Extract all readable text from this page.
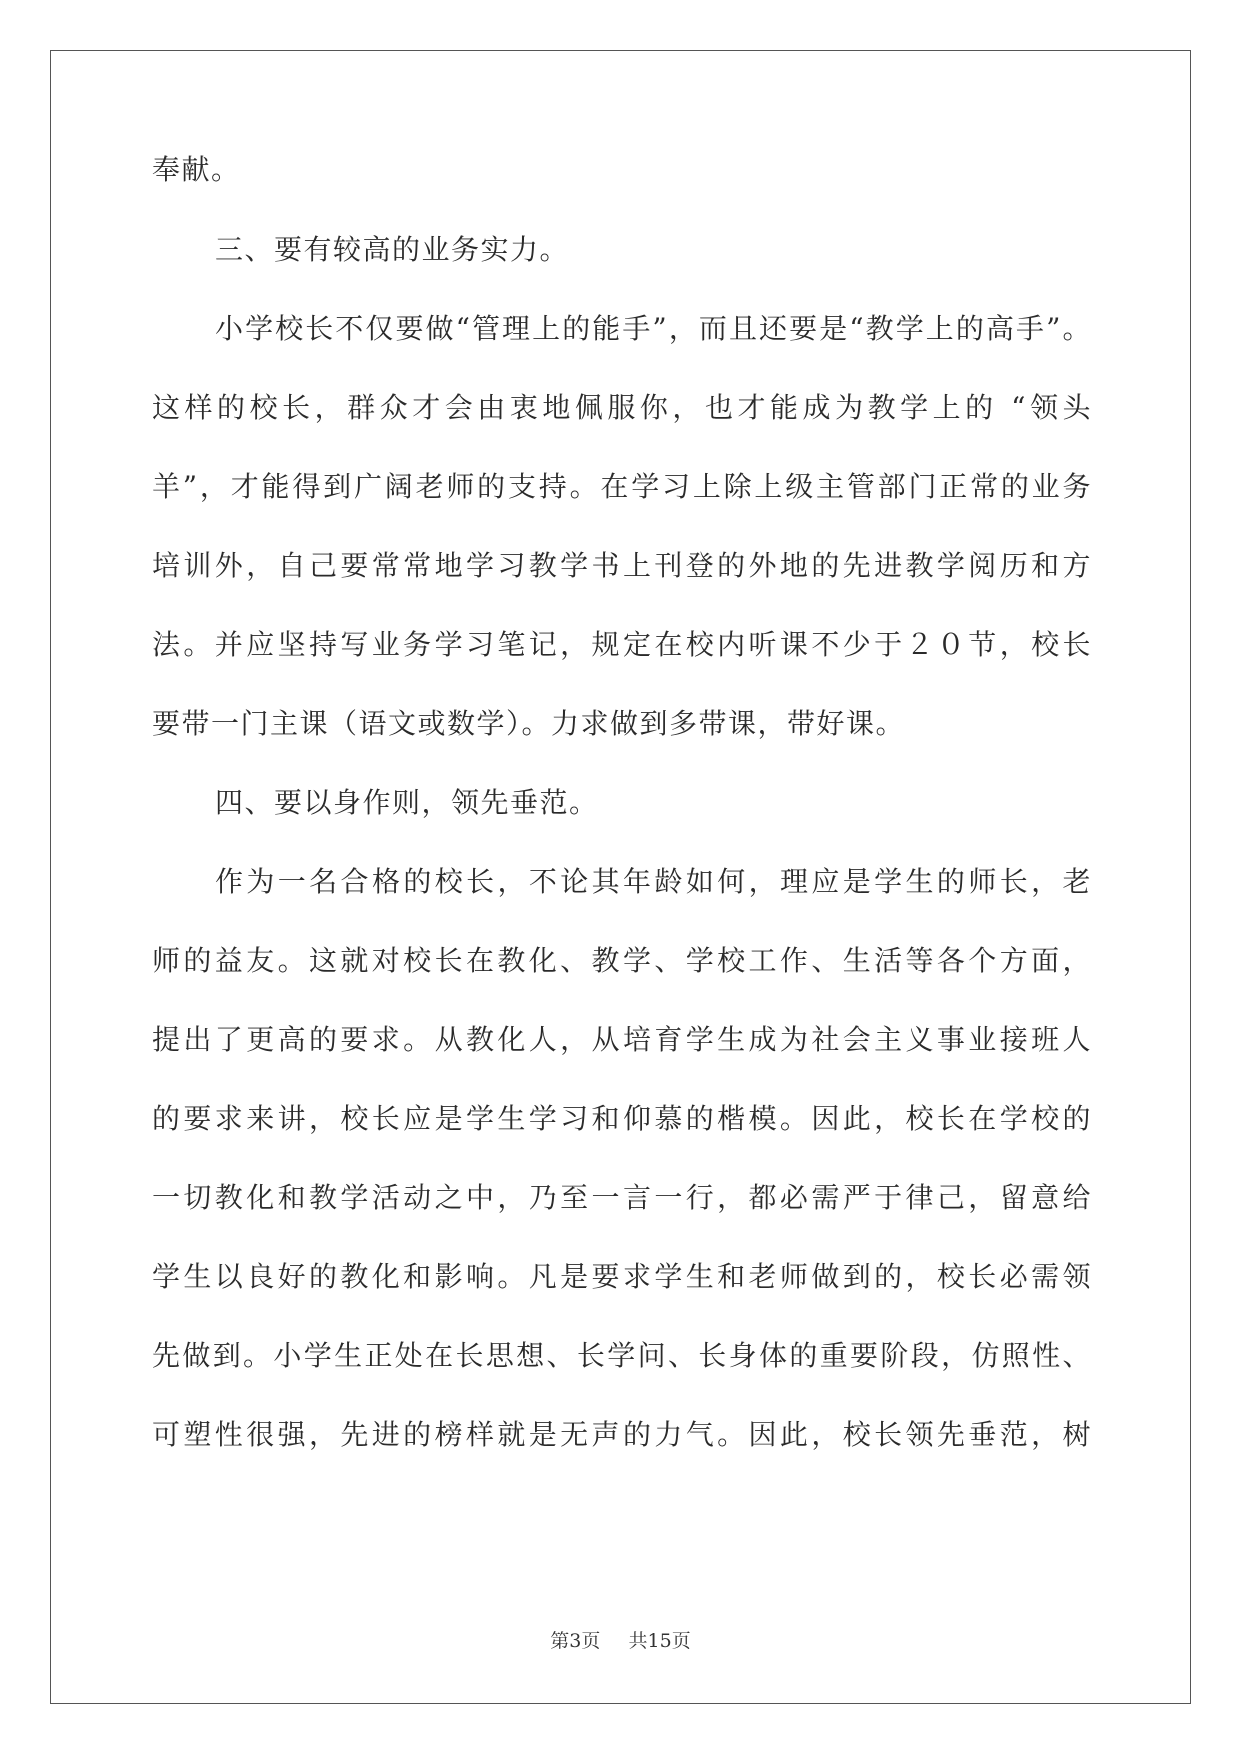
奉献。
三、要有较高的业务实力。
小学校长不仅要做“管理上的能手”，而且还要是“教学上的高手”。
这样的校长，群众才会由衷地佩服你，也才能成为教学上的 “领头
羊”，才能得到广阔老师的支持。在学习上除上级主管部门正常的业务
培训外，自己要常常地学习教学书上刊登的外地的先进教学阅历和方
法。并应坚持写业务学习笔记，规定在校内听课不少于２０节，校长
要带一门主课（语文或数学）。力求做到多带课，带好课。
四、要以身作则，领先垂范。
作为一名合格的校长，不论其年龄如何，理应是学生的师长，老
师的益友。这就对校长在教化、教学、学校工作、生活等各个方面，
提出了更高的要求。从教化人，从培育学生成为社会主义事业接班人
的要求来讲，校长应是学生学习和仰慕的楷模。因此，校长在学校的
一切教化和教学活动之中，乃至一言一行，都必需严于律己，留意给
学生以良好的教化和影响。凡是要求学生和老师做到的，校长必需领
先做到。小学生正处在长思想、长学问、长身体的重要阶段，仿照性、
可塑性很强，先进的榜样就是无声的力气。因此，校长领先垂范，树
第3页 共15页
